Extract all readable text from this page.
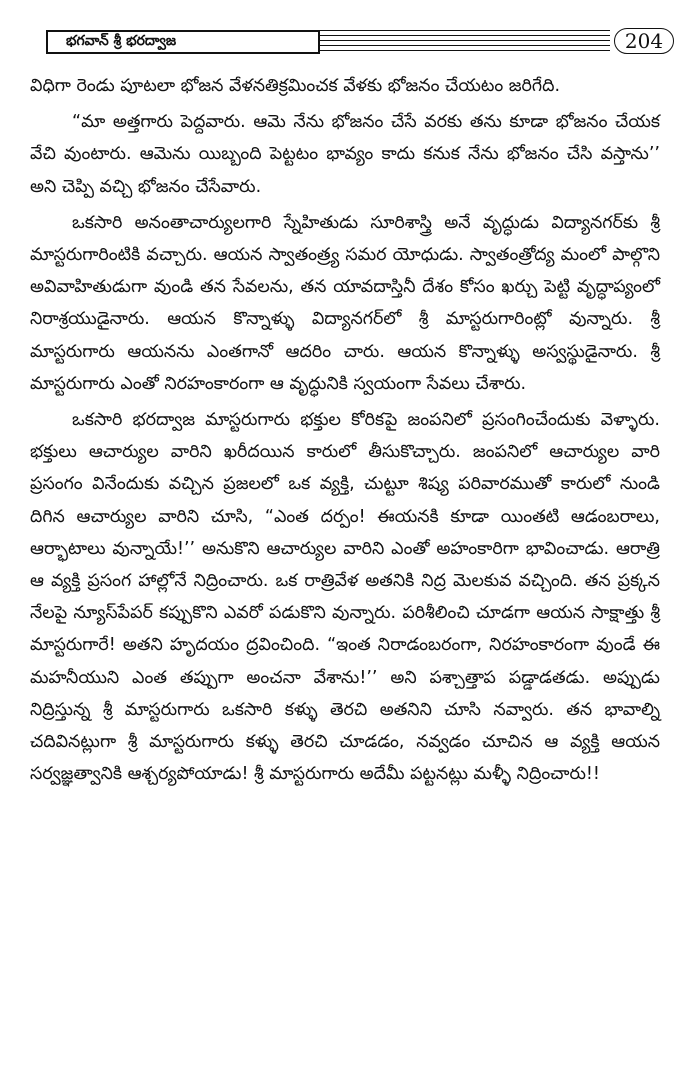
భగవాన్ శ్రీ భరద్వాజ	204

విధిగా రెండు పూటలా భోజన వేళనతిక్రమించక వేళకు భోజనం చేయటం జరిగేది.

“మా అత్తగారు పెద్దవారు. ఆమె నేను భోజనం చేసే వరకు తను కూడా భోజనం చేయక వేచి వుంటారు. ఆమెను యిబ్బంది పెట్టటం భావ్యం కాదు కనుక నేను భోజనం చేసి వస్తాను’’ అని చెప్పి వచ్చి భోజనం చేసేవారు.

ఒకసారి అనంతాచార్యులగారి స్నేహితుడు సూరిశాస్త్రి అనే వృద్ధుడు విద్యానగర్‌కు శ్రీ మాస్టరుగారింటికి వచ్చారు. ఆయన స్వాతంత్ర్య సమర యోధుడు. స్వాతంత్రోద్య మంలో పాల్గొని అవివాహితుడుగా వుండి తన సేవలను, తన యావదాస్తినీ దేశం కోసం ఖర్చు పెట్టి వృద్ధాప్యంలో నిరాశ్రయుడైనారు. ఆయన కొన్నాళ్ళు విద్యానగర్‌లో శ్రీ మాస్టరుగారింట్లో వున్నారు. శ్రీ మాస్టరుగారు ఆయనను ఎంతగానో ఆదరిం చారు. ఆయన కొన్నాళ్ళు అస్వస్థుడైనారు. శ్రీ మాస్టరుగారు ఎంతో నిరహంకారంగా ఆ వృద్ధునికి స్వయంగా సేవలు చేశారు.

ఒకసారి భరద్వాజ మాస్టరుగారు భక్తుల కోరికపై జంపనిలో ప్రసంగించేందుకు వెళ్ళారు. భక్తులు ఆచార్యుల వారిని ఖరీదయిన కారులో తీసుకొచ్చారు. జంపనిలో ఆచార్యుల వారి ప్రసంగం వినేందుకు వచ్చిన ప్రజలలో ఒక వ్యక్తి, చుట్టూ శిష్య పరివారముతో కారులో నుండి దిగిన ఆచార్యుల వారిని చూసి, “ఎంత దర్పం! ఈయనకి కూడా యింతటి ఆడంబరాలు, ఆర్భాటాలు వున్నాయే!’’ అనుకొని ఆచార్యుల వారిని ఎంతో అహంకారిగా భావించాడు. ఆరాత్రి ఆ వ్యక్తి ప్రసంగ హాల్లోనే నిద్రించారు. ఒక రాత్రివేళ అతనికి నిద్ర మెలకువ వచ్చింది. తన ప్రక్కన నేలపై న్యూస్‌పేపర్ కప్పుకొని ఎవరో పడుకొని వున్నారు. పరిశీలించి చూడగా ఆయన సాక్షాత్తు శ్రీ మాస్టరుగారే! అతని హృదయం ద్రవించింది. “ఇంత నిరాడంబరంగా, నిరహంకారంగా వుండే ఈ మహనీయుని ఎంత తప్పుగా అంచనా వేశాను!’’ అని పశ్చాత్తాప పడ్డాడతడు. అప్పుడు నిద్రిస్తున్న శ్రీ మాస్టరుగారు ఒకసారి కళ్ళు తెరచి అతనిని చూసి నవ్వారు. తన భావాల్ని చదివినట్లుగా శ్రీ మాస్టరుగారు కళ్ళు తెరచి చూడడం, నవ్వడం చూచిన ఆ వ్యక్తి ఆయన సర్వజ్ఞత్వానికి ఆశ్చర్యపోయాడు! శ్రీ మాస్టరుగారు అదేమీ పట్టనట్లు మళ్ళీ నిద్రించారు!!
